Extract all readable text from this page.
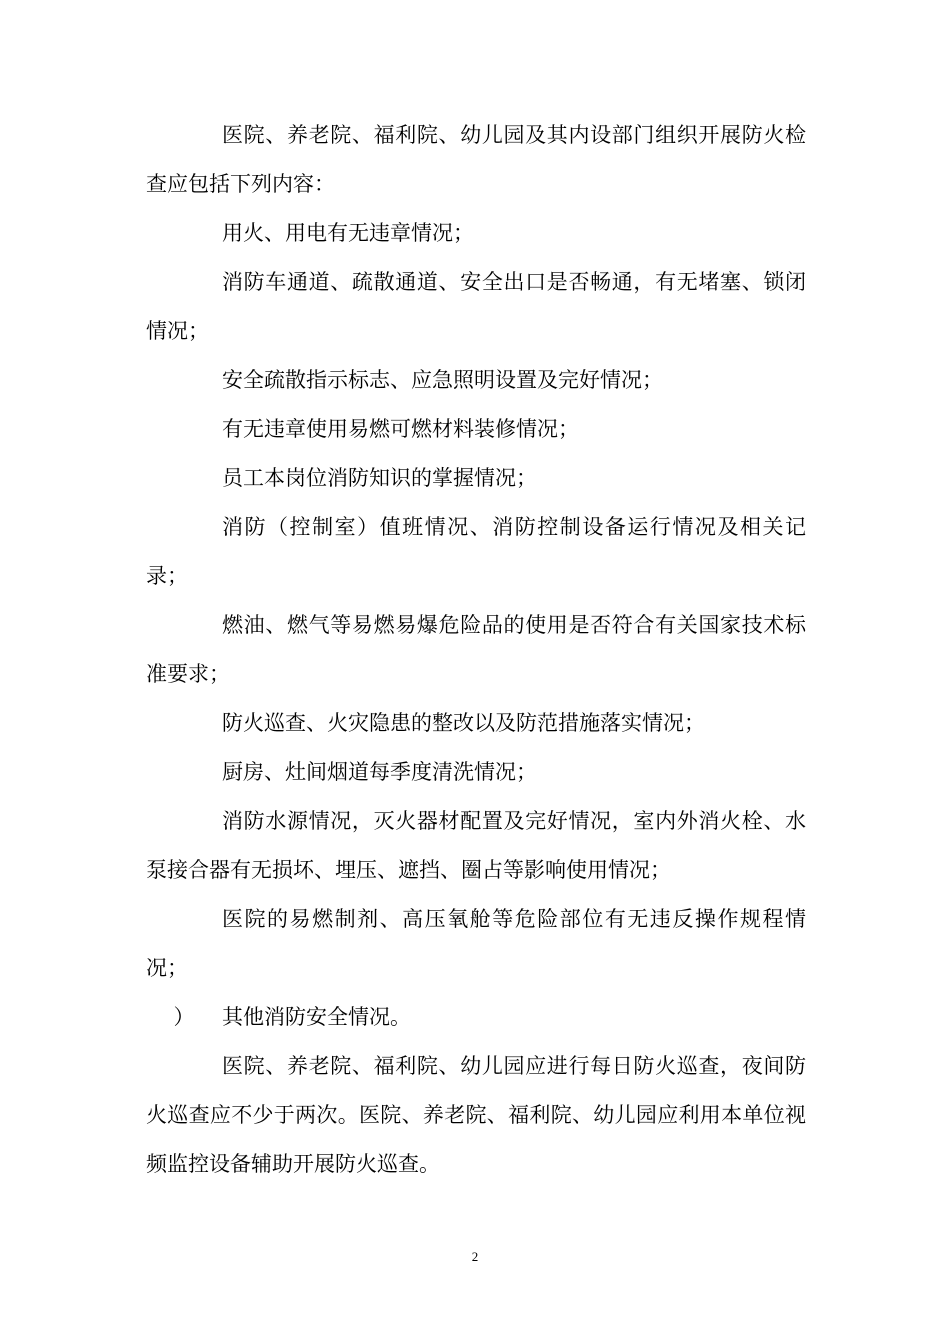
医院、养老院、福利院、幼儿园及其内设部门组织开展防火检查应包括下列内容：

用火、用电有无违章情况；

消防车通道、疏散通道、安全出口是否畅通，有无堵塞、锁闭情况；

安全疏散指示标志、应急照明设置及完好情况；

有无违章使用易燃可燃材料装修情况；

员工本岗位消防知识的掌握情况；

消防（控制室）值班情况、消防控制设备运行情况及相关记录；

燃油、燃气等易燃易爆危险品的使用是否符合有关国家技术标准要求；

防火巡查、火灾隐患的整改以及防范措施落实情况；

厨房、灶间烟道每季度清洗情况；

消防水源情况，灭火器材配置及完好情况，室内外消火栓、水泵接合器有无损坏、埋压、遮挡、圈占等影响使用情况；

医院的易燃制剂、高压氧舱等危险部位有无违反操作规程情况；

） 其他消防安全情况。

医院、养老院、福利院、幼儿园应进行每日防火巡查，夜间防火巡查应不少于两次。医院、养老院、福利院、幼儿园应利用本单位视频监控设备辅助开展防火巡查。

2
